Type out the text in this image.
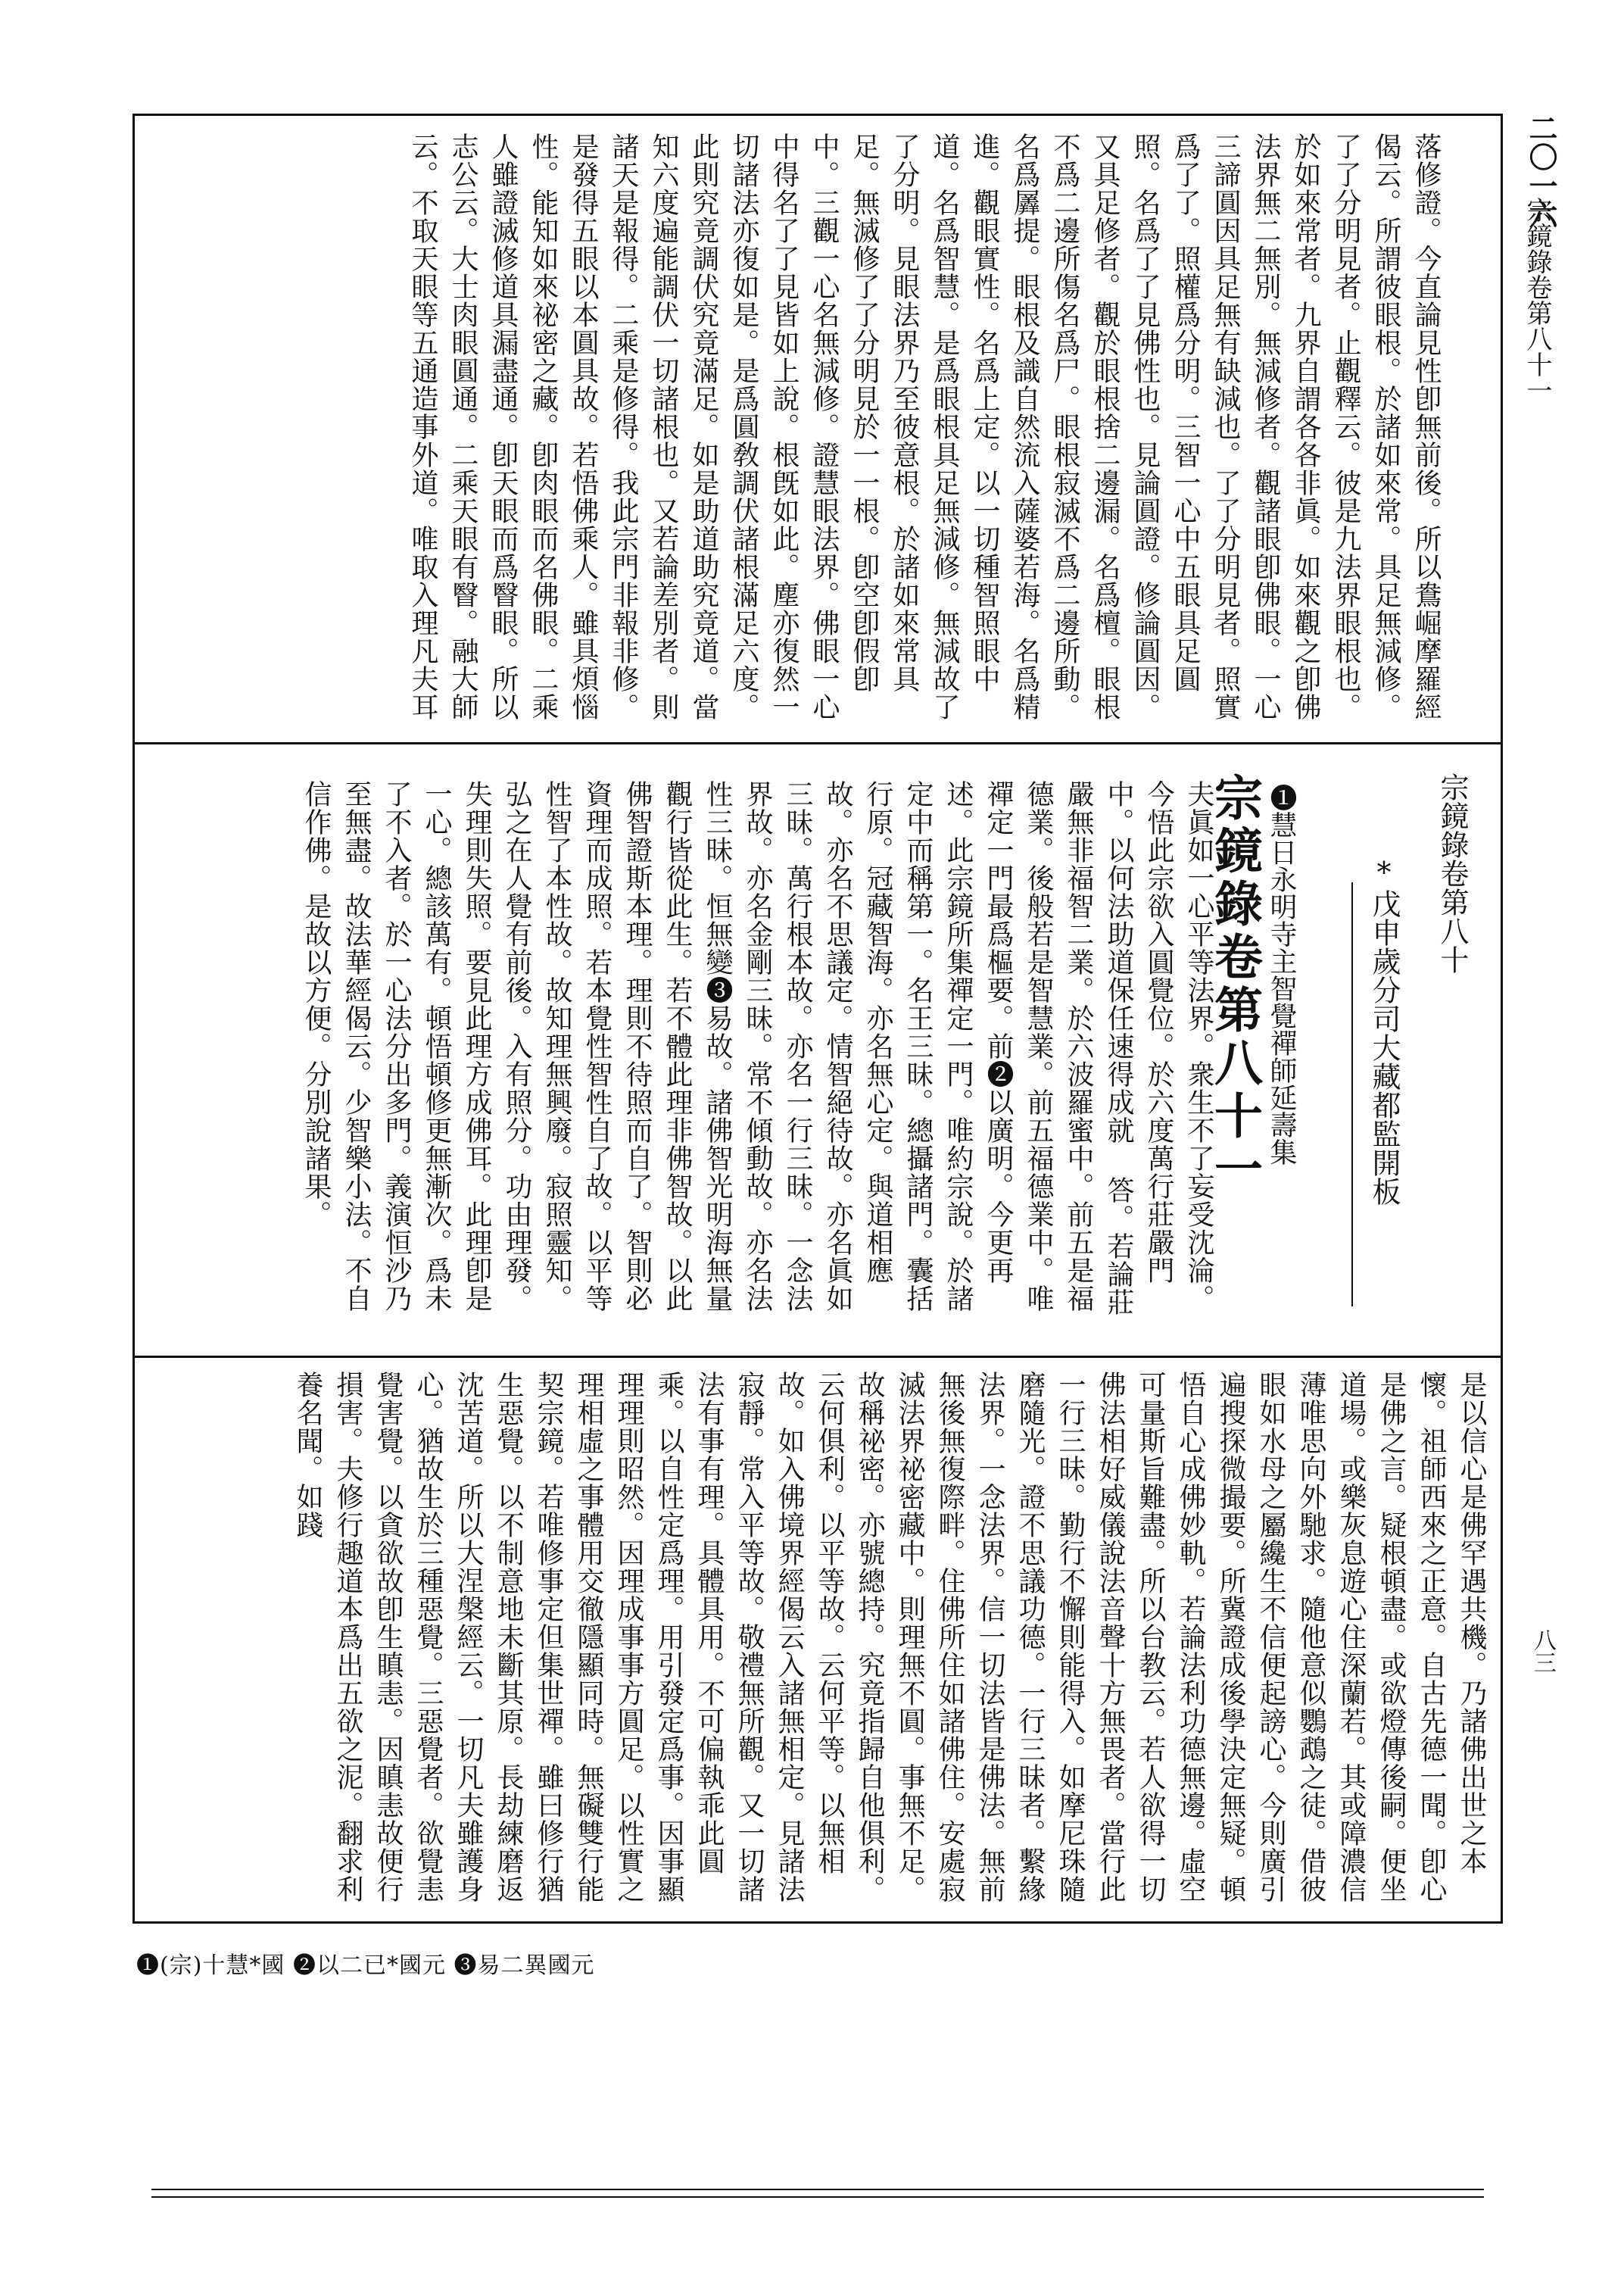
二〇一六
宗鏡錄卷第八十一
八三
落修證。今直論見性卽無前後。所以鴦崛摩羅經偈云。所謂彼眼根。於諸如來常。具足無減修。了了分明見者。止觀釋云。彼是九法界眼根也。於如來常者。九界自謂各各非眞。如來觀之卽佛法界無二無別。無減修者。觀諸眼卽佛眼。一心三諦圓因具足無有缺減也。了了分明見者。照實爲了了。照權爲分明。三智一心中五眼具足圓照。名爲了了見佛性也。見論圓證。修論圓因。又具足修者。觀於眼根捨二邊漏。名爲檀。眼根不爲二邊所傷名爲尸。眼根寂滅不爲二邊所動。名爲羼提。眼根及識自然流入薩婆若海。名爲精進。觀眼實性。名爲上定。以一切種智照眼中道。名爲智慧。是爲眼根具足無減修。無減故了了分明。見眼法界乃至彼意根。於諸如來常具足。無滅修了了分明見於一一根。卽空卽假卽中。三觀一心名無減修。證慧眼法界。佛眼一心中得名了了見皆如上說。根旣如此。塵亦復然一切諸法亦復如是。是爲圓敎調伏諸根滿足六度。此則究竟調伏究竟滿足。如是助道助究竟道。當知六度遍能調伏一切諸根也。又若論差別者。則諸天是報得。二乘是修得。我此宗門非報非修。是發得五眼以本圓具故。若悟佛乘人。雖具煩惱性。能知如來祕密之藏。卽肉眼而名佛眼。二乘人雖證滅修道具漏盡通。卽天眼而爲瞖眼。所以志公云。大士肉眼圓通。二乘天眼有瞖。融大師云。不取天眼等五通造事外道。唯取入理凡夫耳
宗鏡錄卷第八十
*戊申歲分司大藏都監開板
❶慧日永明寺主智覺禪師延壽集
宗鏡錄卷第八十一
夫眞如一心平等法界。衆生不了妄受沈淪。今悟此宗欲入圓覺位。於六度萬行莊嚴門中。以何法助道保任速得成就 答。若論莊嚴無非福智二業。於六波羅蜜中。前五是福德業。後般若是智慧業。前五福德業中。唯禪定一門最爲樞要。前❷以廣明。今更再述。此宗鏡所集禪定一門。唯約宗說。於諸定中而稱第一。名王三昧。總攝諸門。囊括行原。冠藏智海。亦名無心定。與道相應故。亦名不思議定。情智絕待故。亦名眞如三昧。萬行根本故。亦名一行三昧。一念法界故。亦名金剛三昧。常不傾動故。亦名法性三昧。恒無變❸易故。諸佛智光明海無量觀行皆從此生。若不體此理非佛智故。以此佛智證斯本理。理則不待照而自了。智則必資理而成照。若本覺性智性自了故。以平等性智了本性故。故知理無興廢。寂照靈知。弘之在人覺有前後。入有照分。功由理發。失理則失照。要見此理方成佛耳。此理卽是一心。總該萬有。頓悟頓修更無漸次。爲未了不入者。於一心法分出多門。義演恒沙乃至無盡。故法華經偈云。少智樂小法。不自信作佛。是故以方便。分別說諸果。
是以信心是佛罕遇共機。乃諸佛出世之本懷。祖師西來之正意。自古先德一聞。卽心是佛之言。疑根頓盡。或欲燈傳後嗣。便坐道場。或樂灰息遊心住深蘭若。其或障濃信薄唯思向外馳求。隨他意似鸚鵡之徒。借彼眼如水母之屬纔生不信便起謗心。今則廣引遍搜探微撮要。所冀證成後學決定無疑。頓悟自心成佛妙軌。若論法利功德無邊。虛空可量斯旨難盡。所以台教云。若人欲得一切佛法相好威儀說法音聲十方無畏者。當行此一行三昧。勤行不懈則能得入。如摩尼珠隨磨隨光。證不思議功德。一行三昧者。繫緣法界。一念法界。信一切法皆是佛法。無前無後無復際畔。住佛所住如諸佛住。安處寂滅法界祕密藏中。則理無不圓。事無不足。故稱祕密。亦號總持。究竟指歸自他俱利。云何俱利。以平等故。云何平等。以無相故。如入佛境界經偈云入諸無相定。見諸法寂靜。常入平等故。敬禮無所觀。又一切諸法有事有理。具體具用。不可偏執乖此圓乘。以自性定爲理。用引發定爲事。因事顯理理則昭然。因理成事事方圓足。以性實之理相虛之事體用交徹隱顯同時。無礙雙行能契宗鏡。若唯修事定但集世禪。雖曰修行猶生惡覺。以不制意地未斷其原。長劫練磨返沈苦道。所以大涅槃經云。一切凡夫雖護身心。猶故生於三種惡覺。三惡覺者。欲覺恚覺害覺。以貪欲故卽生瞋恚。因瞋恚故便行損害。夫修行趣道本爲出五欲之泥。翻求利養名聞。如踐
❶(宗)十慧*國 ❷以二已*國元 ❸易二異國元
